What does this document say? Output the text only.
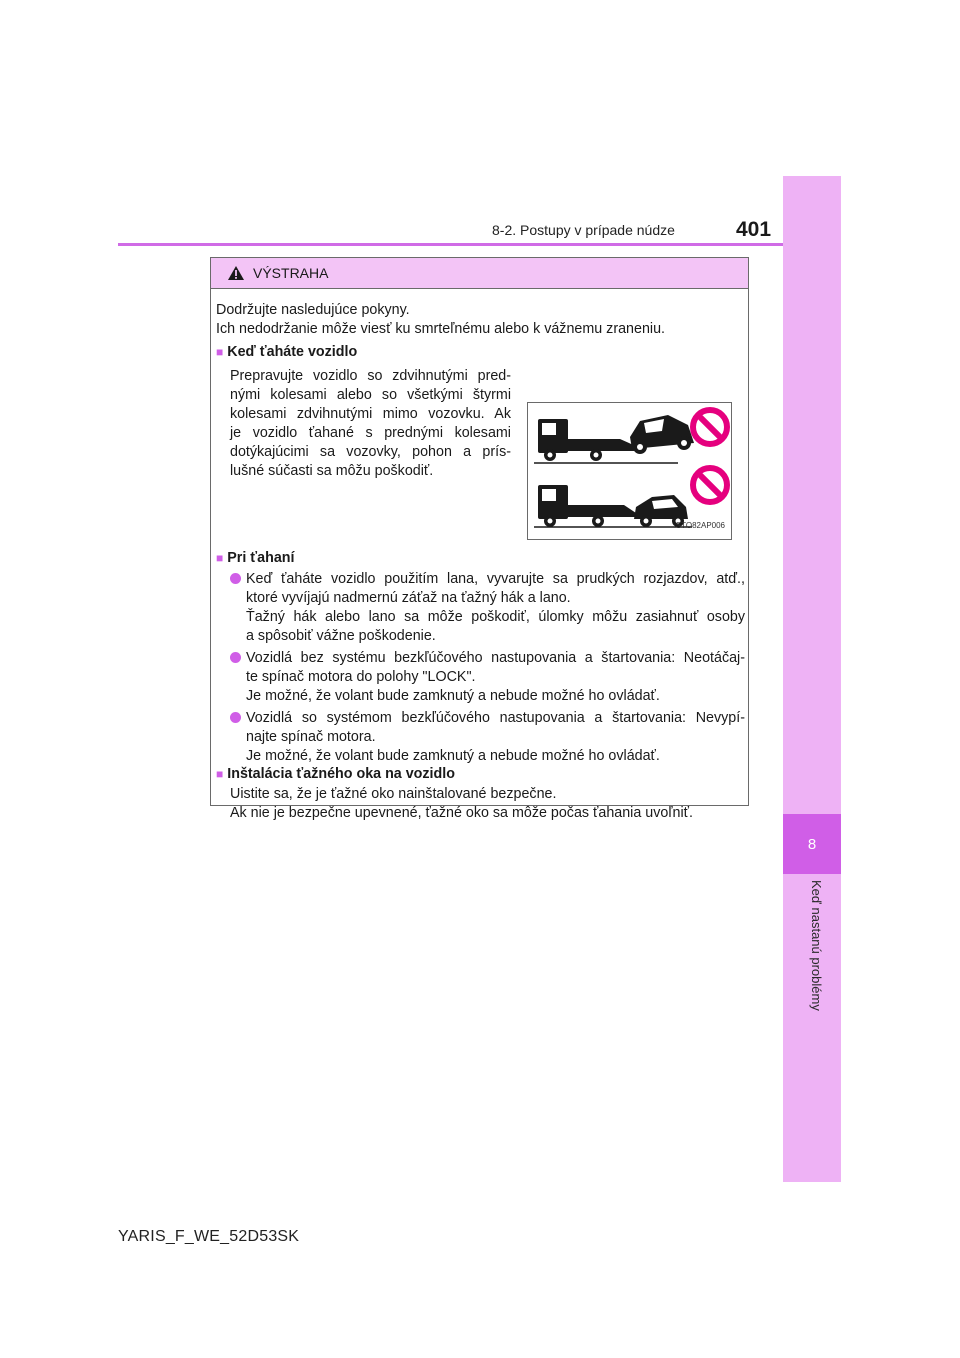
8
Keď nastanú problémy
8-2. Postupy v prípade núdze	401
VÝSTRAHA
Dodržujte nasledujúce pokyny.
Ich nedodržanie môže viesť ku smrteľnému alebo k vážnemu zraneniu.
■ Keď ťaháte vozidlo
Prepravujte vozidlo so zdvihnutými pred-
nými kolesami alebo so všetkými štyrmi
kolesami zdvihnutými mimo vozovku. Ak
je vozidlo ťahané s prednými kolesami
dotýkajúcimi sa vozovky, pohon a prís-
lušné súčasti sa môžu poškodiť.
STO82AP006
■ Pri ťahaní
Keď ťaháte vozidlo použitím lana, vyvarujte sa prudkých rozjazdov, atď.,
ktoré vyvíjajú nadmernú záťaž na ťažný hák a lano.
Ťažný hák alebo lano sa môže poškodiť, úlomky môžu zasiahnuť osoby
a spôsobiť vážne poškodenie.
Vozidlá bez systému bezkľúčového nastupovania a štartovania: Neotáčaj-
te spínač motora do polohy "LOCK".
Je možné, že volant bude zamknutý a nebude možné ho ovládať.
Vozidlá so systémom bezkľúčového nastupovania a štartovania: Nevypí-
najte spínač motora.
Je možné, že volant bude zamknutý a nebude možné ho ovládať.
■ Inštalácia ťažného oka na vozidlo
Uistite sa, že je ťažné oko nainštalované bezpečne.
Ak nie je bezpečne upevnené, ťažné oko sa môže počas ťahania uvoľniť.
YARIS_F_WE_52D53SK
